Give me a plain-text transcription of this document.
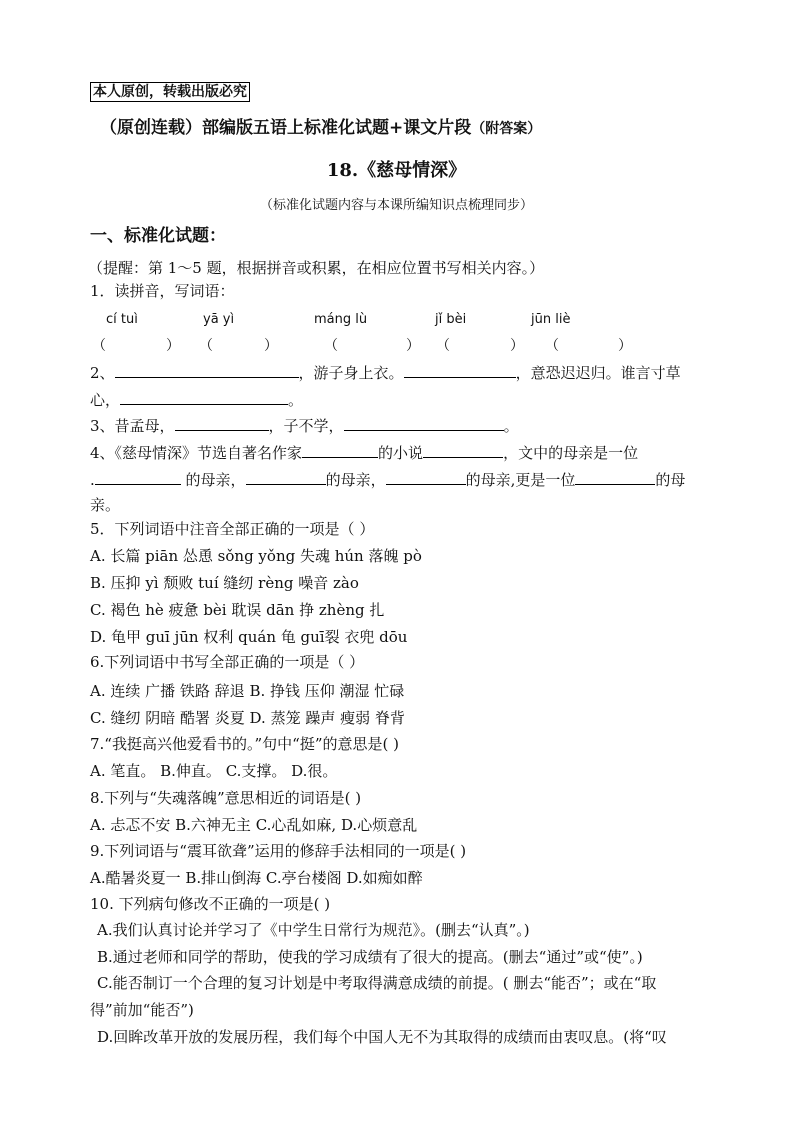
本人原创，转载出版必究
（原创连载）部编版五语上标准化试题+课文片段（附答案）
18.《慈母情深》
（标准化试题内容与本课所编知识点梳理同步）
一、标准化试题：
（提醒：第 1～5 题，根据拼音或积累，在相应位置书写相关内容。）
1．读拼音，写词语：
cí tuì	yā yì	máng lù	jǐ bèi	jūn liè
（	） （	）	（	） （	） （	）
2、	，游子身上衣。	，意恐迟迟归。谁言寸草
心，	。
3、昔孟母，	，子不学，	。
4、《慈母情深》节选自著名作家	的小说	，文中的母亲是一位
.	的母亲，	的母亲，	的母亲,更是一位	的母
亲。
5．下列词语中注音全部正确的一项是（ ）
A. 长篇 piān 怂恿 sǒng yǒng 失魂 hún 落魄 pò
B. 压抑 yì 颓败 tuí 缝纫 rèng 噪音 zào
C. 褐色 hè 疲惫 bèi 耽误 dān 挣 zhèng 扎
D. 龟甲 guī jūn 权利 quán 龟 guī裂 衣兜 dōu
6.下列词语中书写全部正确的一项是（ ）
A. 连续 广播 铁路 辞退 B. 挣钱 压仰 潮湿 忙碌
C. 缝纫 阴暗 酷署 炎夏 D. 蒸笼 躁声 瘦弱 脊背
7.“我挺高兴他爱看书的。”句中“挺”的意思是( )
A. 笔直。 B.伸直。 C.支撑。 D.很。
8.下列与“失魂落魄”意思相近的词语是( )
A. 忐忑不安 B.六神无主 C.心乱如麻, D.心烦意乱
9.下列词语与“震耳欲聋”运用的修辞手法相同的一项是( )
A.酷暑炎夏一 B.排山倒海 C.亭台楼阁 D.如痴如醉
10. 下列病句修改不正确的一项是( )
A.我们认真讨论并学习了《中学生日常行为规范》。(删去“认真”。)
B.通过老师和同学的帮助，使我的学习成绩有了很大的提高。(删去“通过”或“使”。)
C.能否制订一个合理的复习计划是中考取得满意成绩的前提。( 删去“能否”；或在“取
得”前加“能否”)
D.回眸改革开放的发展历程，我们每个中国人无不为其取得的成绩而由衷叹息。(将“叹
